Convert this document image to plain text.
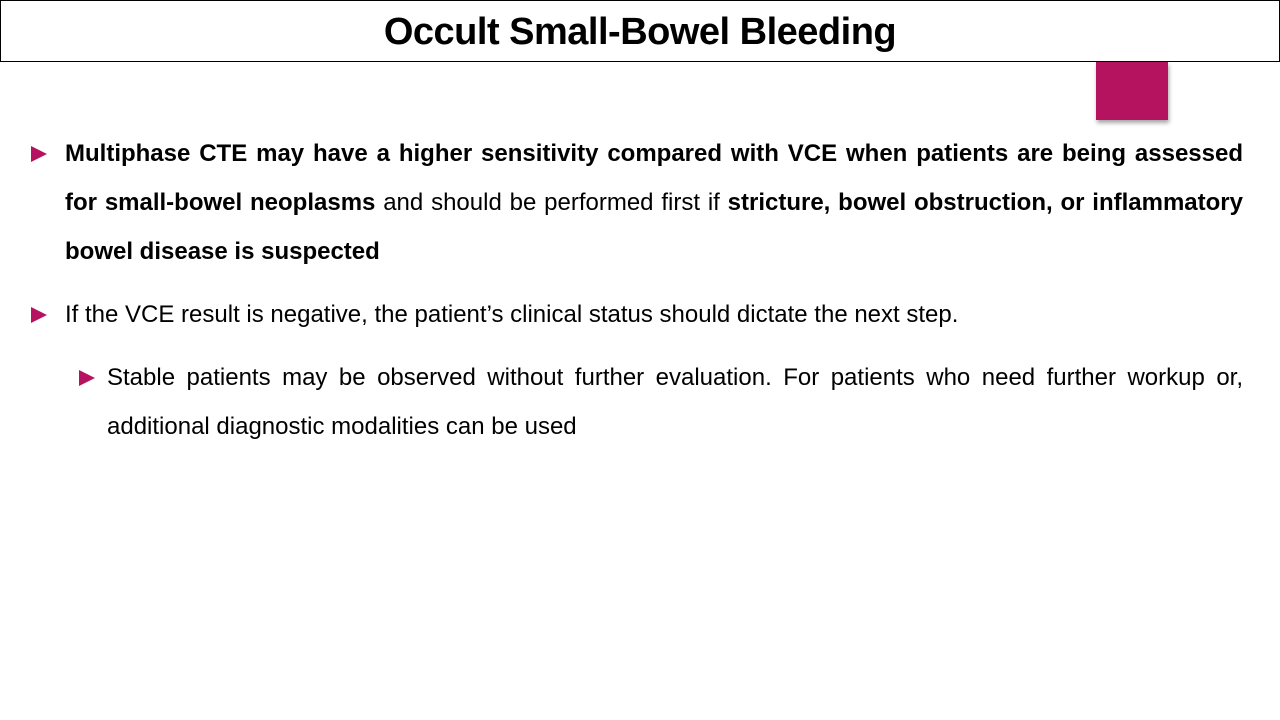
Occult Small-Bowel Bleeding
Multiphase CTE may have a higher sensitivity compared with VCE when patients are being assessed for small-bowel neoplasms and should be performed first if stricture, bowel obstruction, or inflammatory bowel disease is suspected
If the VCE result is negative, the patient’s clinical status should dictate the next step.
Stable patients may be observed without further evaluation. For patients who need further workup or, additional diagnostic modalities can be used
